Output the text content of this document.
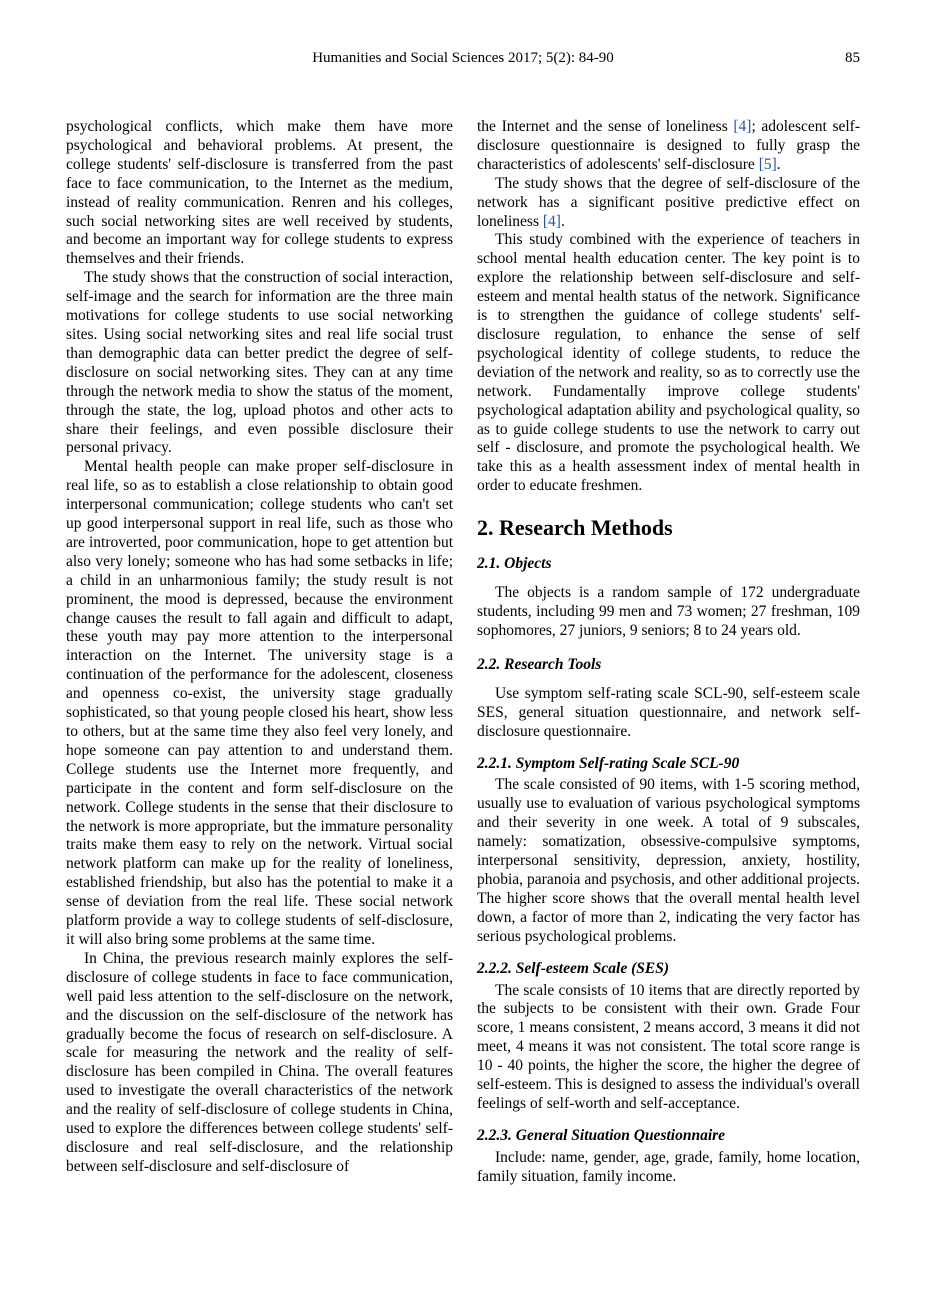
Humanities and Social Sciences 2017; 5(2): 84-90	85

psychological conflicts, which make them have more psychological and behavioral problems. At present, the college students' self-disclosure is transferred from the past face to face communication, to the Internet as the medium, instead of reality communication. Renren and his colleges, such social networking sites are well received by students, and become an important way for college students to express themselves and their friends.

The study shows that the construction of social interaction, self-image and the search for information are the three main motivations for college students to use social networking sites. Using social networking sites and real life social trust than demographic data can better predict the degree of self-disclosure on social networking sites. They can at any time through the network media to show the status of the moment, through the state, the log, upload photos and other acts to share their feelings, and even possible disclosure their personal privacy.

Mental health people can make proper self-disclosure in real life, so as to establish a close relationship to obtain good interpersonal communication; college students who can't set up good interpersonal support in real life, such as those who are introverted, poor communication, hope to get attention but also very lonely; someone who has had some setbacks in life; a child in an unharmonious family; the study result is not prominent, the mood is depressed, because the environment change causes the result to fall again and difficult to adapt, these youth may pay more attention to the interpersonal interaction on the Internet. The university stage is a continuation of the performance for the adolescent, closeness and openness co-exist, the university stage gradually sophisticated, so that young people closed his heart, show less to others, but at the same time they also feel very lonely, and hope someone can pay attention to and understand them. College students use the Internet more frequently, and participate in the content and form self-disclosure on the network. College students in the sense that their disclosure to the network is more appropriate, but the immature personality traits make them easy to rely on the network. Virtual social network platform can make up for the reality of loneliness, established friendship, but also has the potential to make it a sense of deviation from the real life. These social network platform provide a way to college students of self-disclosure, it will also bring some problems at the same time.

In China, the previous research mainly explores the self-disclosure of college students in face to face communication, well paid less attention to the self-disclosure on the network, and the discussion on the self-disclosure of the network has gradually become the focus of research on self-disclosure. A scale for measuring the network and the reality of self-disclosure has been compiled in China. The overall features used to investigate the overall characteristics of the network and the reality of self-disclosure of college students in China, used to explore the differences between college students' self-disclosure and real self-disclosure, and the relationship between self-disclosure and self-disclosure of

the Internet and the sense of loneliness [4]; adolescent self-disclosure questionnaire is designed to fully grasp the characteristics of adolescents' self-disclosure [5].

The study shows that the degree of self-disclosure of the network has a significant positive predictive effect on loneliness [4].

This study combined with the experience of teachers in school mental health education center. The key point is to explore the relationship between self-disclosure and self-esteem and mental health status of the network. Significance is to strengthen the guidance of college students' self-disclosure regulation, to enhance the sense of self psychological identity of college students, to reduce the deviation of the network and reality, so as to correctly use the network. Fundamentally improve college students' psychological adaptation ability and psychological quality, so as to guide college students to use the network to carry out self - disclosure, and promote the psychological health. We take this as a health assessment index of mental health in order to educate freshmen.

2. Research Methods
2.1. Objects

The objects is a random sample of 172 undergraduate students, including 99 men and 73 women; 27 freshman, 109 sophomores, 27 juniors, 9 seniors; 8 to 24 years old.

2.2. Research Tools

Use symptom self-rating scale SCL-90, self-esteem scale SES, general situation questionnaire, and network self-disclosure questionnaire.

2.2.1. Symptom Self-rating Scale SCL-90

The scale consisted of 90 items, with 1-5 scoring method, usually use to evaluation of various psychological symptoms and their severity in one week. A total of 9 subscales, namely: somatization, obsessive-compulsive symptoms, interpersonal sensitivity, depression, anxiety, hostility, phobia, paranoia and psychosis, and other additional projects. The higher score shows that the overall mental health level down, a factor of more than 2, indicating the very factor has serious psychological problems.

2.2.2. Self-esteem Scale (SES)

The scale consists of 10 items that are directly reported by the subjects to be consistent with their own. Grade Four score, 1 means consistent, 2 means accord, 3 means it did not meet, 4 means it was not consistent. The total score range is 10 - 40 points, the higher the score, the higher the degree of self-esteem. This is designed to assess the individual's overall feelings of self-worth and self-acceptance.

2.2.3. General Situation Questionnaire

Include: name, gender, age, grade, family, home location, family situation, family income.
